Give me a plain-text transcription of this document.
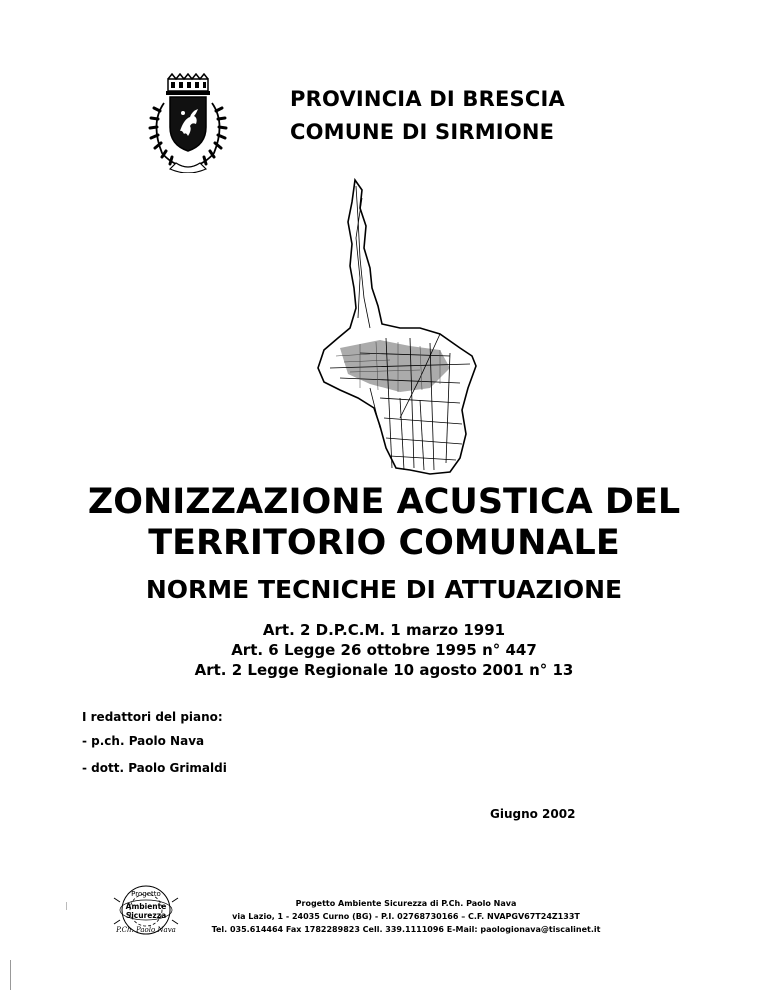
PROVINCIA DI BRESCIA
COMUNE DI SIRMIONE
ZONIZZAZIONE ACUSTICA DEL
TERRITORIO COMUNALE
NORME TECNICHE DI ATTUAZIONE
Art. 2 D.P.C.M. 1 marzo 1991
Art. 6 Legge 26 ottobre 1995 n° 447
Art. 2 Legge Regionale 10 agosto 2001 n° 13
I redattori del piano:
- p.ch. Paolo Nava
- dott. Paolo Grimaldi
Giugno 2002
Progetto
Ambiente Sicurezza
P.Ch. Paolo Nava
Progetto Ambiente Sicurezza di P.Ch. Paolo Nava
via Lazio, 1 - 24035 Curno (BG) - P.I. 02768730166 – C.F. NVAPGV67T24Z133T
Tel. 035.614464 Fax 1782289823 Cell. 339.1111096 E-Mail: paologionava@tiscalinet.it
